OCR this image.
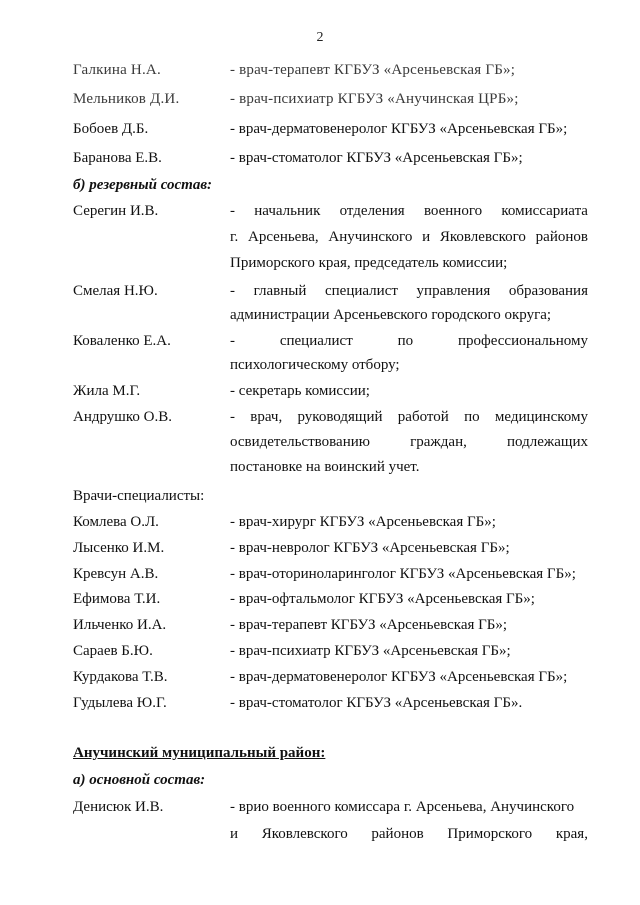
2
Галкина Н.А.	- врач-терапевт КГБУЗ «Арсеньевская ГБ»;
Мельников Д.И.	- врач-психиатр КГБУЗ «Анучинская ЦРБ»;
Бобоев Д.Б.	- врач-дерматовенеролог КГБУЗ «Арсеньевская ГБ»;
Баранова Е.В.	- врач-стоматолог КГБУЗ «Арсеньевская ГБ»;
б) резервный состав:
Серегин И.В.	- начальник отделения военного комиссариата
г. Арсеньева, Анучинского и Яковлевского районов
Приморского края, председатель комиссии;
Смелая Н.Ю.	- главный специалист управления образования
администрации Арсеньевского городского округа;
Коваленко Е.А.	-	специалист	по	профессиональному
психологическому отбору;
Жила М.Г.	- секретарь комиссии;
Андрушко О.В.	- врач, руководящий работой по медицинскому
освидетельствованию	граждан,	подлежащих
постановке на воинский учет.
Врачи-специалисты:
Комлева О.Л.	- врач-хирург КГБУЗ «Арсеньевская ГБ»;
Лысенко И.М.	- врач-невролог КГБУЗ «Арсеньевская ГБ»;
Кревсун А.В.	- врач-оториноларинголог КГБУЗ «Арсеньевская ГБ»;
Ефимова Т.И.	- врач-офтальмолог КГБУЗ «Арсеньевская ГБ»;
Ильченко И.А.	- врач-терапевт КГБУЗ «Арсеньевская ГБ»;
Сараев Б.Ю.	- врач-психиатр КГБУЗ «Арсеньевская ГБ»;
Курдакова Т.В.	- врач-дерматовенеролог КГБУЗ «Арсеньевская ГБ»;
Гудылева Ю.Г.	- врач-стоматолог КГБУЗ «Арсеньевская ГБ».
Анучинский муниципальный район:
а) основной состав:
Денисюк И.В.	- врио военного комиссара г. Арсеньева, Анучинского
и Яковлевского районов Приморского края,
